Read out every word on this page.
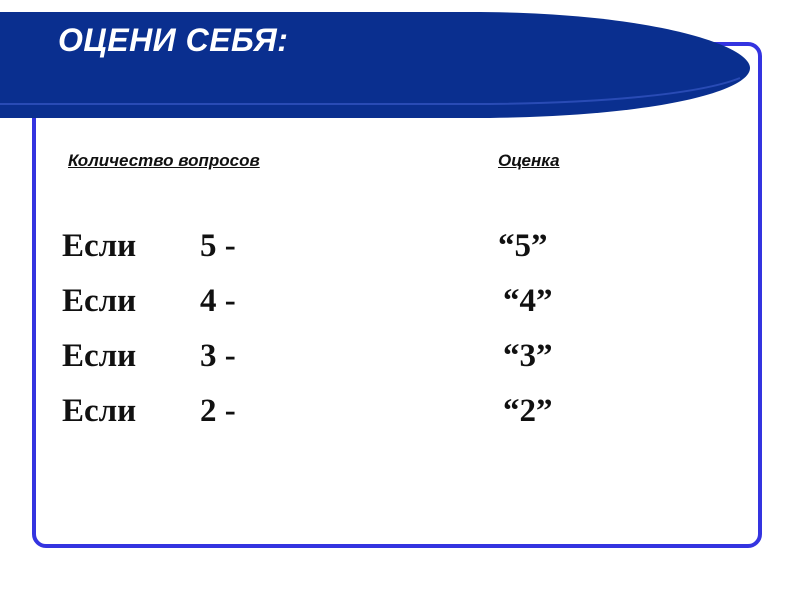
ОЦЕНИ СЕБЯ:
Количество вопросов	Оценка
Если 5 -	“5”
Если 4 -	“4”
Если 3 -	“3”
Если 2 -	“2”
